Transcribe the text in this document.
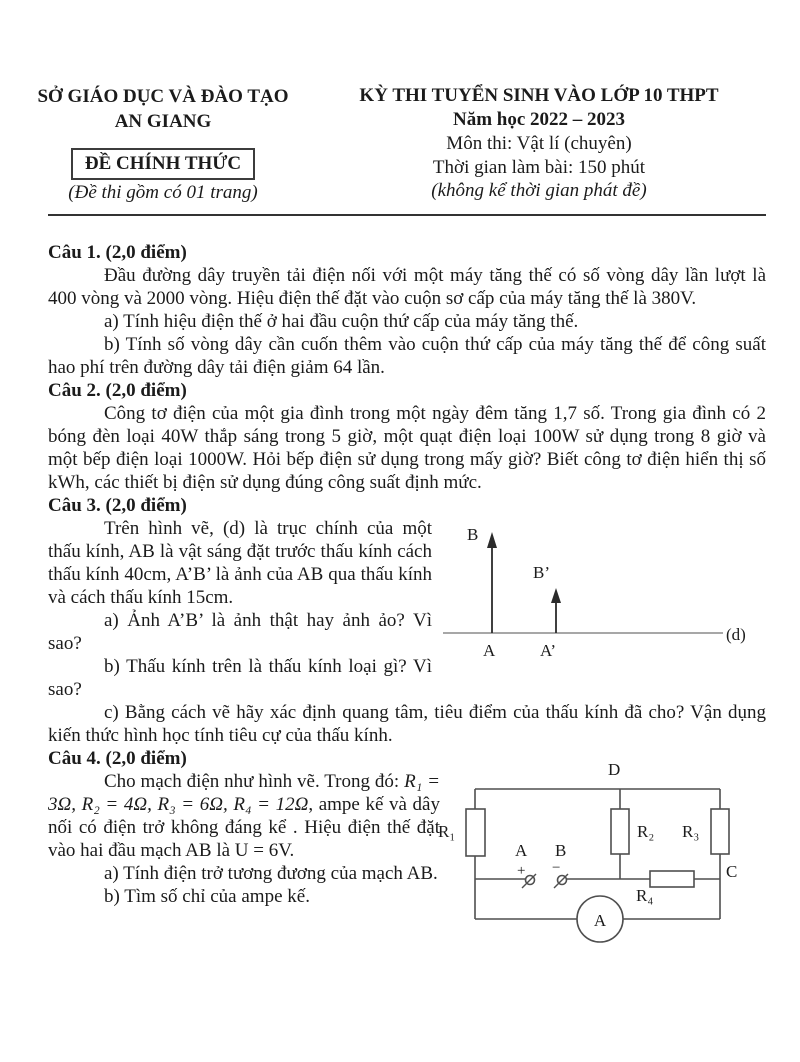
SỞ GIÁO DỤC VÀ ĐÀO TẠO
AN GIANG
ĐỀ CHÍNH THỨC
(Đề thi gồm có 01 trang)
KỲ THI TUYỂN SINH VÀO LỚP 10 THPT
Năm học 2022 – 2023
Môn thi: Vật lí (chuyên)
Thời gian làm bài: 150 phút
(không kể thời gian phát đề)

Câu 1. (2,0 điểm)

Đầu đường dây truyền tải điện nối với một máy tăng thế có số vòng dây lần lượt là 400 vòng và 2000 vòng. Hiệu điện thế đặt vào cuộn sơ cấp của máy tăng thế là 380V.

a) Tính hiệu điện thế ở hai đầu cuộn thứ cấp của máy tăng thế.

b) Tính số vòng dây cần cuốn thêm vào cuộn thứ cấp của máy tăng thế để công suất hao phí trên đường dây tải điện giảm 64 lần.

Câu 2. (2,0 điểm)

Công tơ điện của một gia đình trong một ngày đêm tăng 1,7 số. Trong gia đình có 2 bóng đèn loại 40W thắp sáng trong 5 giờ, một quạt điện loại 100W sử dụng trong 8 giờ và một bếp điện loại 1000W. Hỏi bếp điện sử dụng trong mấy giờ? Biết công tơ điện hiển thị số kWh, các thiết bị điện sử dụng đúng công suất định mức.

Câu 3. (2,0 điểm)

Trên hình vẽ, (d) là trục chính của một thấu kính, AB là vật sáng đặt trước thấu kính cách thấu kính 40cm, A’B’ là ảnh của AB qua thấu kính và cách thấu kính 15cm.

a) Ảnh A’B’ là ảnh thật hay ảnh ảo? Vì sao?

b) Thấu kính trên là thấu kính loại gì? Vì sao?

(d)
B
A
B’
A’

c) Bằng cách vẽ hãy xác định quang tâm, tiêu điểm của thấu kính đã cho? Vận dụng kiến thức hình học tính tiêu cự của thấu kính.

Câu 4. (2,0 điểm)

Cho mạch điện như hình vẽ. Trong đó: R₁ = 3Ω, R₂ = 4Ω, R₃ = 6Ω, R₄ = 12Ω, ampe kế và dây nối có điện trở không đáng kể . Hiệu điện thế đặt vào hai đầu mạch AB là U = 6V.

a) Tính điện trở tương đương của mạch AB.

b) Tìm số chỉ của ampe kế.

D
R₁	R₂ R₃
R₄
A B
+ −	C
A
